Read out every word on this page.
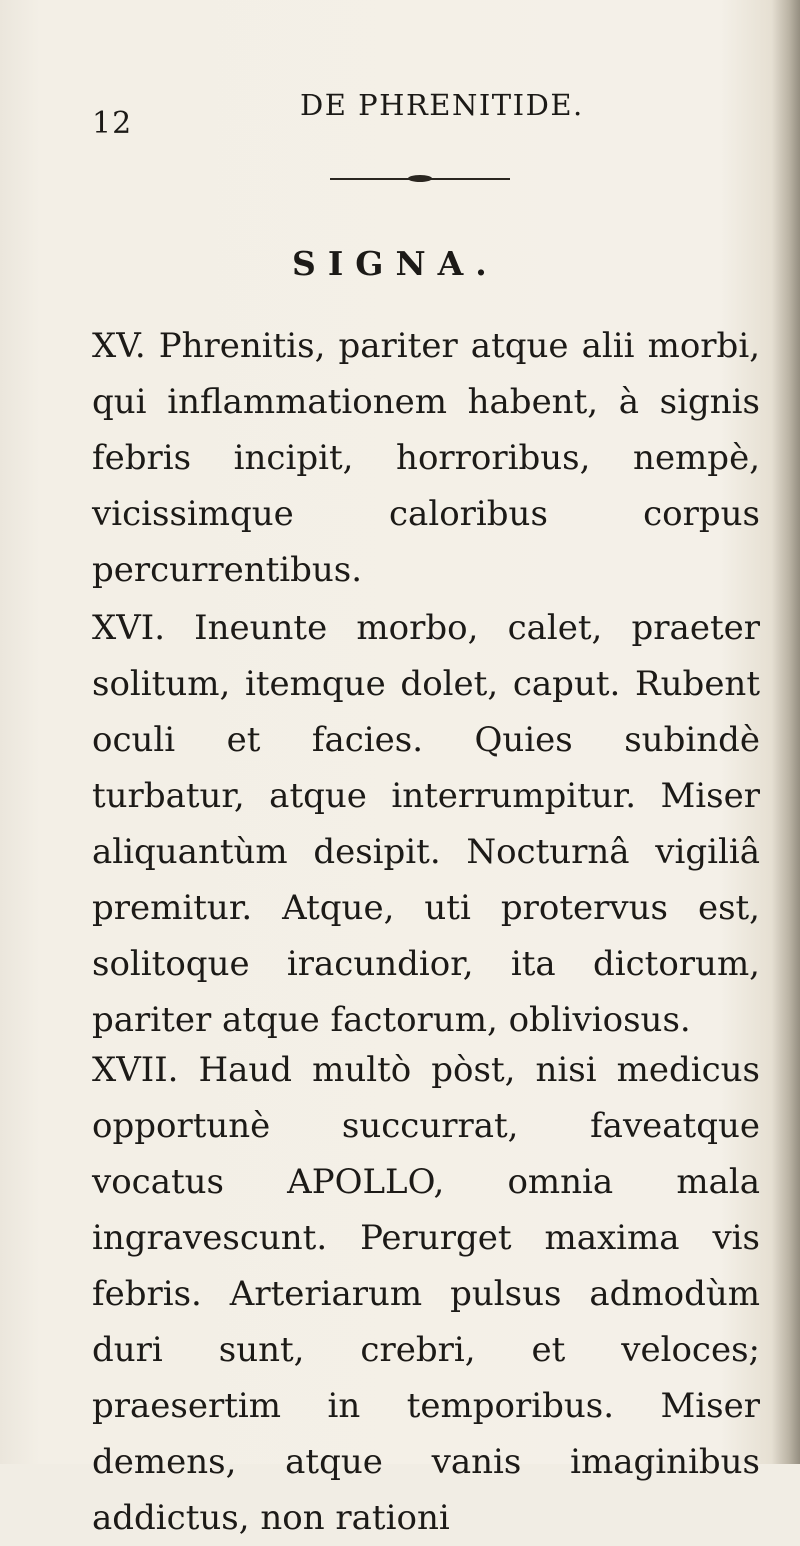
12

DE PHRENITIDE.

SIGNA.

XV. Phrenitis, pariter atque alii morbi, qui inflammationem habent, à signis febris incipit, horroribus, nempè, vicissimque caloribus corpus percurrentibus.

XVI. Ineunte morbo, calet, praeter solitum, itemque dolet, caput. Rubent oculi et facies. Quies subindè turbatur, atque interrumpitur. Miser aliquantùm desipit. Nocturnâ vigiliâ premitur. Atque, uti protervus est, solitoque iracundior, ita dictorum, pariter atque factorum, obliviosus.

XVII. Haud multò pòst, nisi medicus opportunè succurrat, faveatque vocatus APOLLO, omnia mala ingravescunt. Perurget maxima vis febris. Arteriarum pulsus admodùm duri sunt, crebri, et veloces; praesertim in temporibus. Miser demens, atque vanis imaginibus addictus, non rationi
